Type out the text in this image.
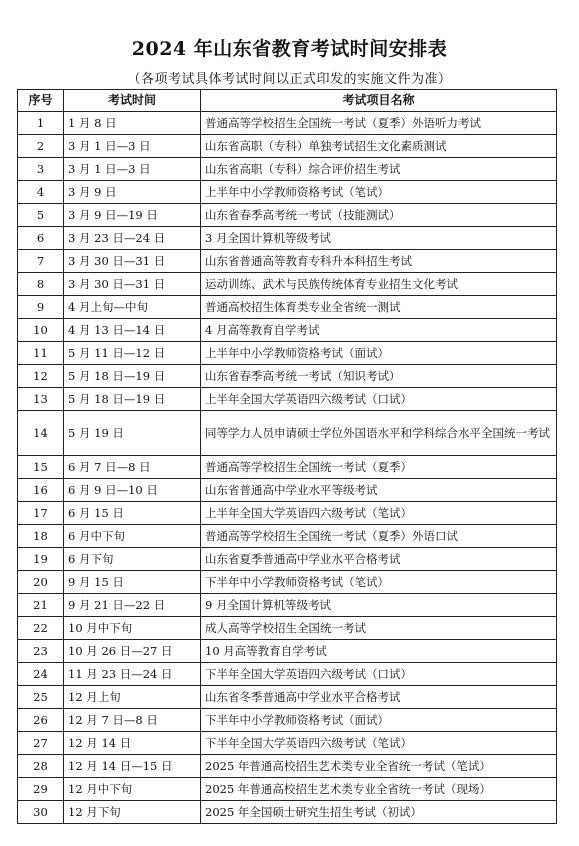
2024 年山东省教育考试时间安排表
（各项考试具体考试时间以正式印发的实施文件为准）
序号	考试时间	考试项目名称
1	1 月 8 日	普通高等学校招生全国统一考试（夏季）外语听力考试
2	3 月 1 日—3 日	山东省高职（专科）单独考试招生文化素质测试
3	3 月 1 日—3 日	山东省高职（专科）综合评价招生考试
4	3 月 9 日	上半年中小学教师资格考试（笔试）
5	3 月 9 日—19 日	山东省春季高考统一考试（技能测试）
6	3 月 23 日—24 日	3 月全国计算机等级考试
7	3 月 30 日—31 日	山东省普通高等教育专科升本科招生考试
8	3 月 30 日—31 日	运动训练、武术与民族传统体育专业招生文化考试
9	4 月上旬—中旬	普通高校招生体育类专业全省统一测试
10	4 月 13 日—14 日	4 月高等教育自学考试
11	5 月 11 日—12 日	上半年中小学教师资格考试（面试）
12	5 月 18 日—19 日	山东省春季高考统一考试（知识考试）
13	5 月 18 日—19 日	上半年全国大学英语四六级考试（口试）
14	5 月 19 日	同等学力人员申请硕士学位外国语水平和学科综合水平全国统一考试
15	6 月 7 日—8 日	普通高等学校招生全国统一考试（夏季）
16	6 月 9 日—10 日	山东省普通高中学业水平等级考试
17	6 月 15 日	上半年全国大学英语四六级考试（笔试）
18	6 月中下旬	普通高等学校招生全国统一考试（夏季）外语口试
19	6 月下旬	山东省夏季普通高中学业水平合格考试
20	9 月 15 日	下半年中小学教师资格考试（笔试）
21	9 月 21 日—22 日	9 月全国计算机等级考试
22	10 月中下旬	成人高等学校招生全国统一考试
23	10 月 26 日—27 日	10 月高等教育自学考试
24	11 月 23 日—24 日	下半年全国大学英语四六级考试（口试）
25	12 月上旬	山东省冬季普通高中学业水平合格考试
26	12 月 7 日—8 日	下半年中小学教师资格考试（面试）
27	12 月 14 日	下半年全国大学英语四六级考试（笔试）
28	12 月 14 日—15 日	2025 年普通高校招生艺术类专业全省统一考试（笔试）
29	12 月中下旬	2025 年普通高校招生艺术类专业全省统一考试（现场）
30	12 月下旬	2025 年全国硕士研究生招生考试（初试）
